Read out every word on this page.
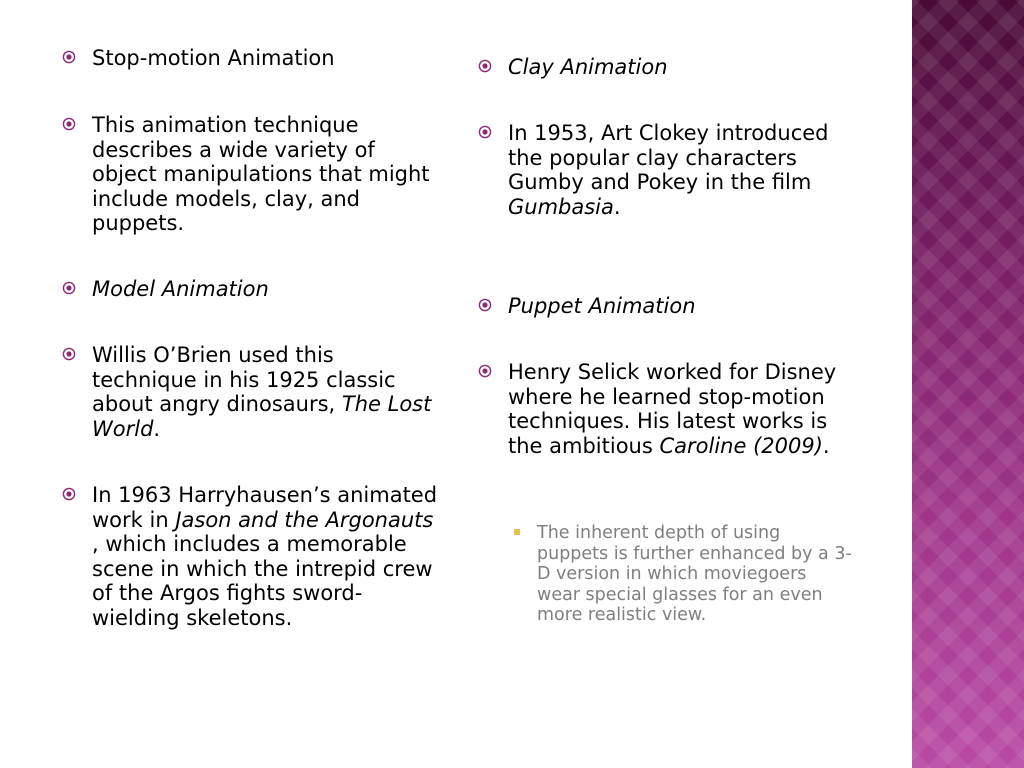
Stop-motion Animation
This animation technique describes a wide variety of object manipulations that might include models, clay, and puppets.
Model Animation
Willis O’Brien used this technique in his 1925 classic about angry dinosaurs, The Lost World.
In 1963 Harryhausen’s animated work in Jason and the Argonauts , which includes a memorable scene in which the intrepid crew of the Argos fights sword-wielding skeletons.
Clay Animation
In 1953, Art Clokey introduced the popular clay characters Gumby and Pokey in the film Gumbasia.
Puppet Animation
Henry Selick worked for Disney where he learned stop-motion techniques. His latest works is the ambitious Caroline (2009).
The inherent depth of using puppets is further enhanced by a 3-D version in which moviegoers wear special glasses for an even more realistic view.
